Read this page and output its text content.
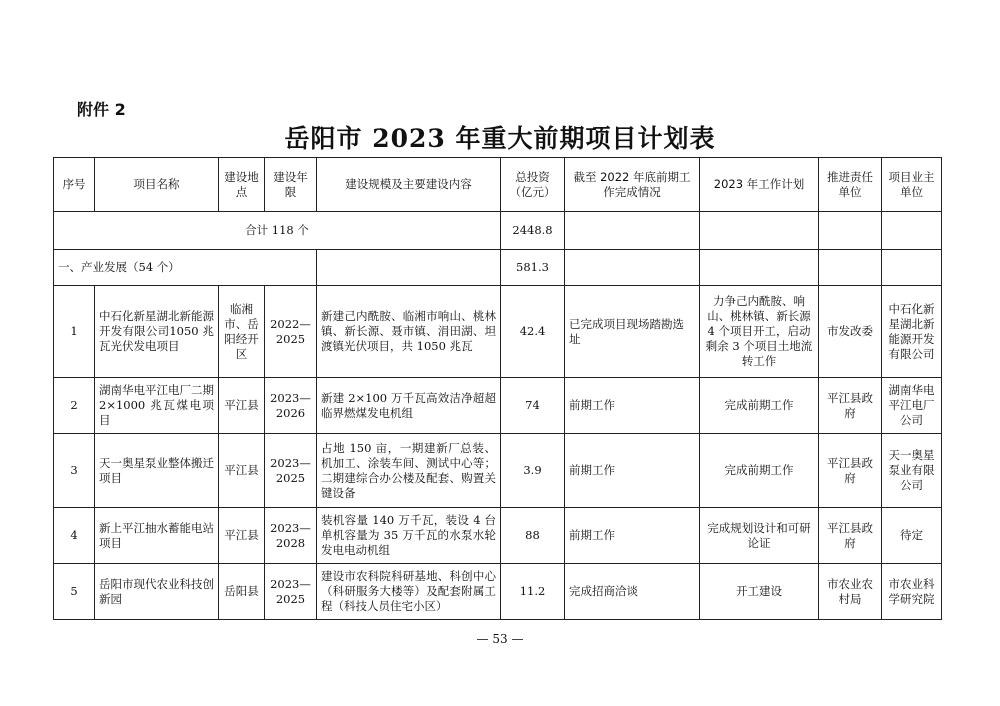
附件 2
岳阳市 2023 年重大前期项目计划表
序号	项目名称	建设地点	建设年限	建设规模及主要建设内容	总投资（亿元）	截至 2022 年底前期工作完成情况	2023 年工作计划	推进责任单位	项目业主单位
合计 118 个					2448.8				
一、产业发展（54 个）					581.3				
1	中石化新星湖北新能源开发有限公司1050 兆瓦光伏发电项目	临湘市、岳阳经开区	2022—2025	新建己内酰胺、临湘市响山、桃林镇、新长源、聂市镇、涓田湖、坦渡镇光伏项目，共 1050 兆瓦	42.4	已完成项目现场踏勘选址	力争己内酰胺、响山、桃林镇、新长源 4 个项目开工，启动剩余 3 个项目土地流转工作	市发改委	中石化新星湖北新能源开发有限公司
2	湖南华电平江电厂二期 2×1000 兆瓦煤电项目	平江县	2023—2026	新建 2×100 万千瓦高效洁净超超临界燃煤发电机组	74	前期工作	完成前期工作	平江县政府	湖南华电平江电厂公司
3	天一奥星泵业整体搬迁项目	平江县	2023—2025	占地 150 亩，一期建新厂总装、机加工、涂装车间、测试中心等；二期建综合办公楼及配套、购置关键设备	3.9	前期工作	完成前期工作	平江县政府	天一奥星泵业有限公司
4	新上平江抽水蓄能电站项目	平江县	2023—2028	装机容量 140 万千瓦，装设 4 台单机容量为 35 万千瓦的水泵水轮发电电动机组	88	前期工作	完成规划设计和可研论证	平江县政府	待定
5	岳阳市现代农业科技创新园	岳阳县	2023—2025	建设市农科院科研基地、科创中心（科研服务大楼等）及配套附属工程（科技人员住宅小区）	11.2	完成招商洽谈	开工建设	市农业农村局	市农业科学研究院
— 53 —
